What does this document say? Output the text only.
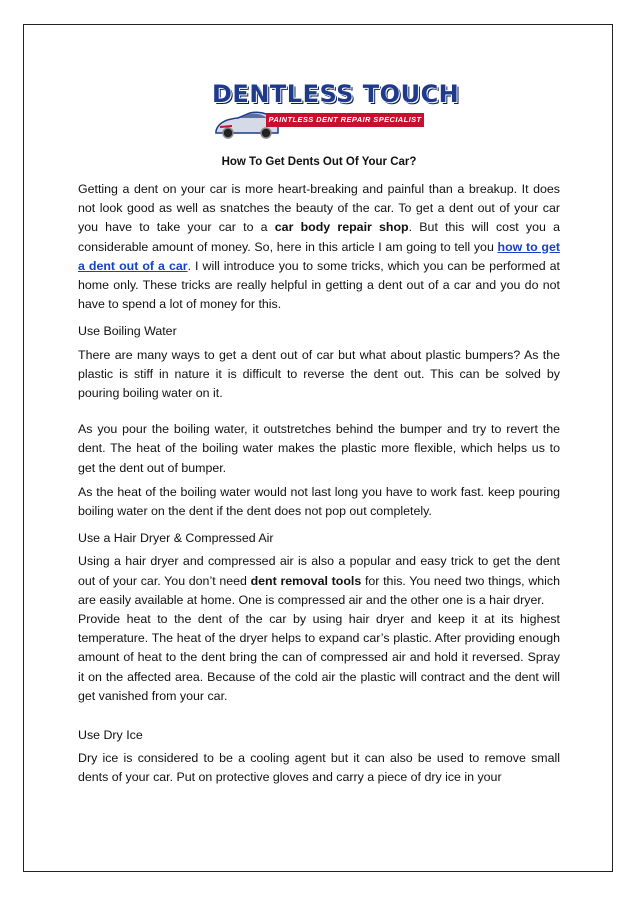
DENTLESS TOUCH
PAINTLESS DENT REPAIR SPECIALIST
How To Get Dents Out Of Your Car?

Getting a dent on your car is more heart-breaking and painful than a breakup. It does not look good as well as snatches the beauty of the car. To get a dent out of your car you have to take your car to a car body repair shop. But this will cost you a considerable amount of money. So, here in this article I am going to tell you how to get a dent out of a car. I will introduce you to some tricks, which you can be performed at home only. These tricks are really helpful in getting a dent out of a car and you do not have to spend a lot of money for this.

Use Boiling Water

There are many ways to get a dent out of car but what about plastic bumpers? As the plastic is stiff in nature it is difficult to reverse the dent out. This can be solved by pouring boiling water on it.

As you pour the boiling water, it outstretches behind the bumper and try to revert the dent. The heat of the boiling water makes the plastic more flexible, which helps us to get the dent out of bumper.

As the heat of the boiling water would not last long you have to work fast. keep pouring boiling water on the dent if the dent does not pop out completely.

Use a Hair Dryer & Compressed Air

Using a hair dryer and compressed air is also a popular and easy trick to get the dent out of your car. You don’t need dent removal tools for this. You need two things, which are easily available at home. One is compressed air and the other one is a hair dryer.

Provide heat to the dent of the car by using hair dryer and keep it at its highest temperature. The heat of the dryer helps to expand car’s plastic. After providing enough amount of heat to the dent bring the can of compressed air and hold it reversed. Spray it on the affected area. Because of the cold air the plastic will contract and the dent will get vanished from your car.

Use Dry Ice

Dry ice is considered to be a cooling agent but it can also be used to remove small dents of your car. Put on protective gloves and carry a piece of dry ice in your
